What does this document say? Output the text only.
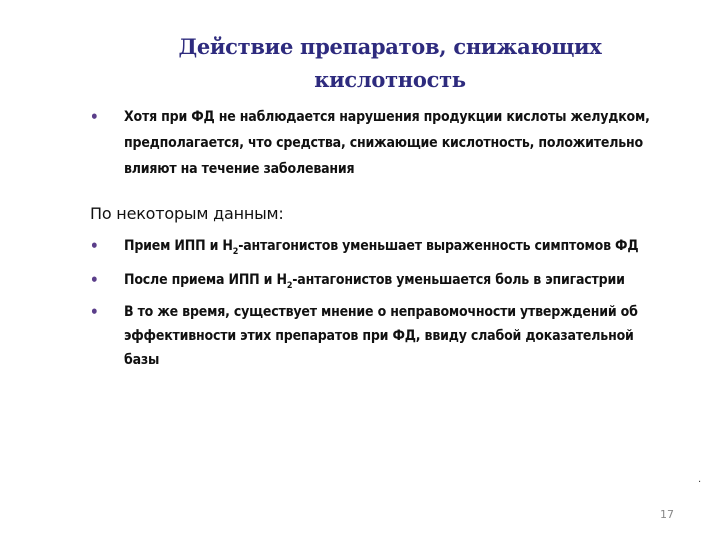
Действие препаратов, снижающих кислотность
• Хотя при ФД не наблюдается нарушения продукции кислоты желудком, предполагается, что средства, снижающие кислотность, положительно влияют на течение заболевания
По некоторым данным:
• Прием ИПП и $Н_2$-антагонистов уменьшает выраженность симптомов ФД
• После приема ИПП и $Н_2$-антагонистов уменьшается боль в эпигастрии
• В то же время, существует мнение о неправомочности утверждений об эффективности этих препаратов при ФД, ввиду слабой доказательной базы
.
17
